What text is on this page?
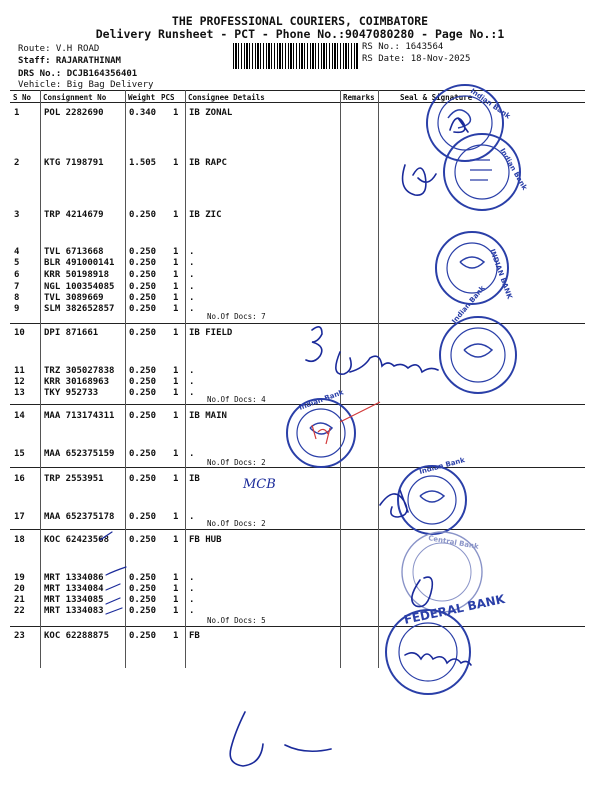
THE PROFESSIONAL COURIERS, COIMBATORE
Delivery Runsheet - PCT - Phone No.:9047080280 - Page No.:1
Route: V.H ROAD
Staff: RAJARATHINAM
DRS No.: DCJB164356401
Vehicle: Big Bag Delivery
RS No.: 1643564
RS Date: 18-Nov-2025
S No Consignment No	Weight PCS Consignee Details	Remarks	Seal & Signature
1	POL 2282690	0.340 1 IB ZONAL
2	KTG 7198791	1.505 1 IB RAPC
3	TRP 4214679	0.250 1 IB ZIC
4	TVL 6713668	0.250 1 .
5	BLR 491000141 0.250 1 .
6	KRR 50198918 0.250 1 .
7	NGL 100354085 0.250 1 .
8	TVL 3089669	0.250 1 .
9	SLM 382652857 0.250 1 .
10 DPI 871661	0.250 1 IB FIELD
11 TRZ 305027838 0.250 1 .
12 KRR 30168963 0.250 1 .
13 TKY 952733	0.250 1 .
14 MAA 713174311 0.250 1 IB MAIN
15 MAA 652375159 0.250 1 .
16 TRP 2553951	0.250 1 IB
17 MAA 652375178 0.250 1 .
18 KOC 62423568 0.250 1 FB HUB
19 MRT 1334086	0.250 1 .
20 MRT 1334084	0.250 1 .
21 MRT 1334085	0.250 1 .
22 MRT 1334083	0.250 1 .
23 KOC 62288875 0.250 1 FB
No.Of Docs: 7
No.Of Docs: 4
No.Of Docs: 2
No.Of Docs: 2
No.Of Docs: 5
Indian Bank
Indian Bank
INDIAN BANK
Indian Bank
Indian Bank
Indian Bank
Central Bank
FEDERAL BANK
MCB
